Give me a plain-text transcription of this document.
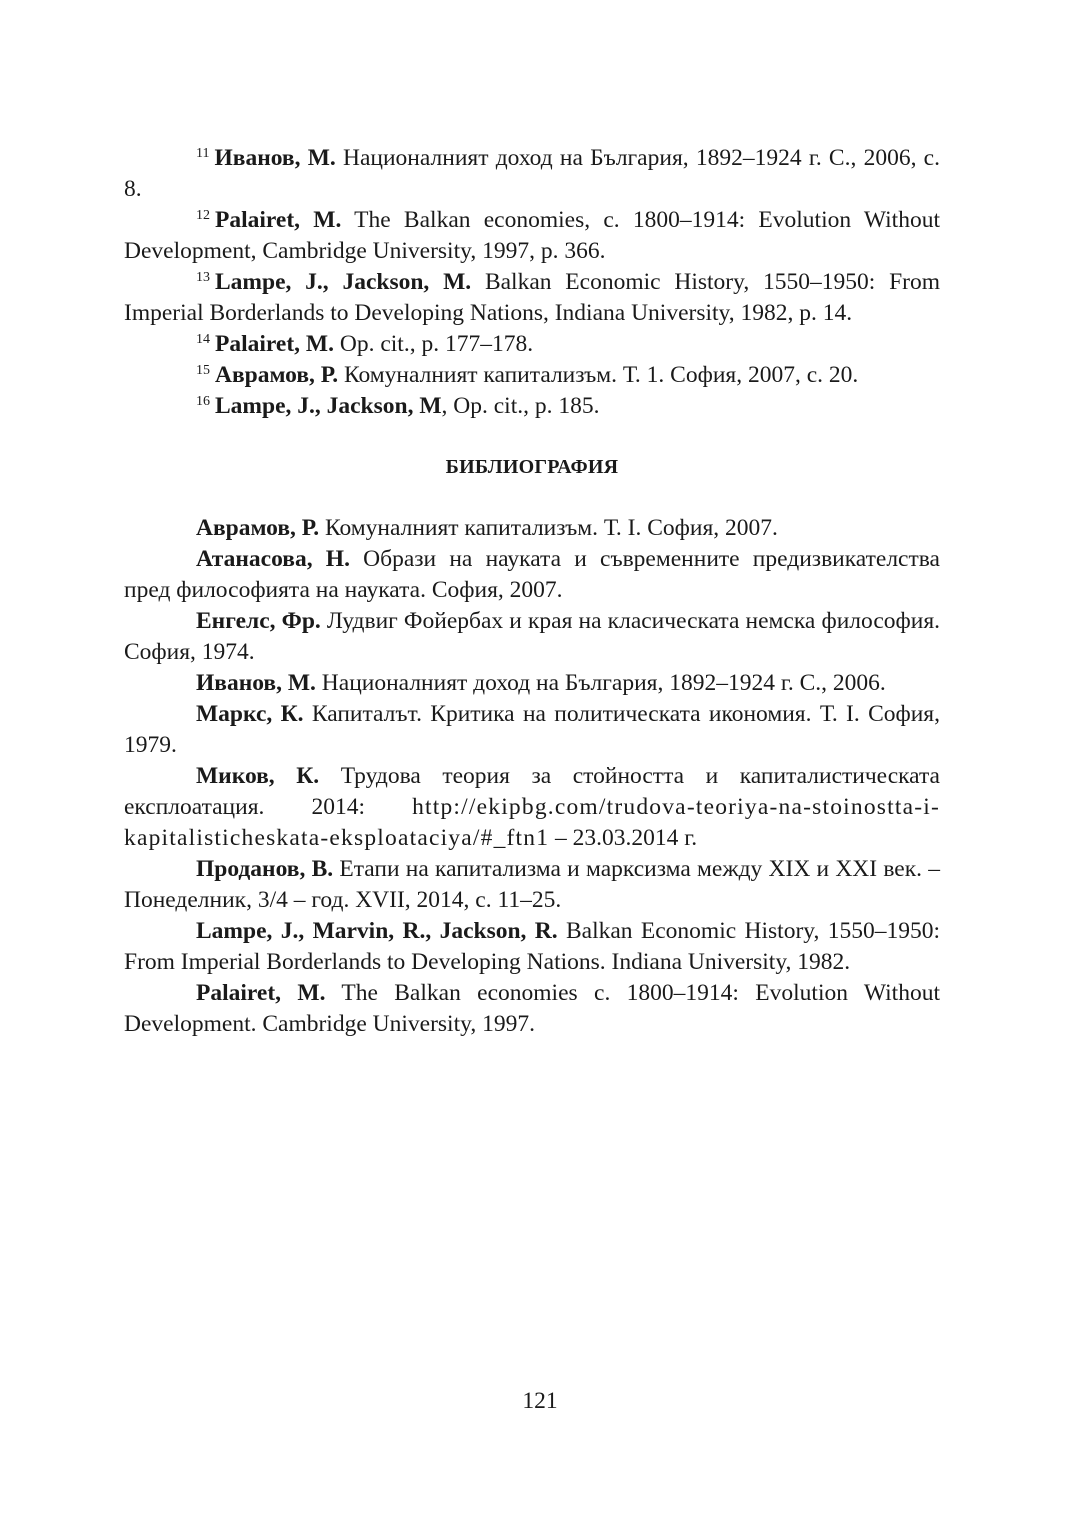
$^{11}$ Иванов, М. Националният доход на България, 1892–1924 г. С., 2006, с. 8.

$^{12}$ Palairet, M. The Balkan economies, c. 1800–1914: Evolution Without Development, Cambridge University, 1997, p. 366.

$^{13}$ Lampe, J., Jackson, M. Balkan Economic History, 1550–1950: From Imperial Borderlands to Developing Nations, Indiana University, 1982, p. 14.

$^{14}$ Palairet, M. Op. cit., p. 177–178.

$^{15}$ Аврамов, Р. Комуналният капитализъм. Т. 1. София, 2007, с. 20.

$^{16}$ Lampe, J., Jackson, M, Op. cit., p. 185.

БИБЛИОГРАФИЯ

Аврамов, Р. Комуналният капитализъм. Т. І. София, 2007.

Атанасова, Н. Образи на науката и съвременните предизвикателства пред философията на науката. София, 2007.

Енгелс, Фр. Лудвиг Фойербах и края на класическата немска философия. София, 1974.

Иванов, М. Националният доход на България, 1892–1924 г. С., 2006.

Маркс, К. Капиталът. Критика на политическата икономия. Т. І. София, 1979.

Миков, К. Трудова теория за стойността и капиталистическата експлоатация. 2014: http://ekipbg.com/trudova-teoriya-na-stoinostta-i-kapitalisticheskata-eksploataciya/#_ftn1 – 23.03.2014 г.

Проданов, В. Етапи на капитализма и марксизма между XIX и XXI век. – Понеделник, 3/4 – год. XVII, 2014, с. 11–25.

Lampe, J., Marvin, R., Jackson, R. Balkan Economic History, 1550–1950: From Imperial Borderlands to Developing Nations. Indiana University, 1982.

Palairet, M. The Balkan economies c. 1800–1914: Evolution Without Development. Cambridge University, 1997.

121
